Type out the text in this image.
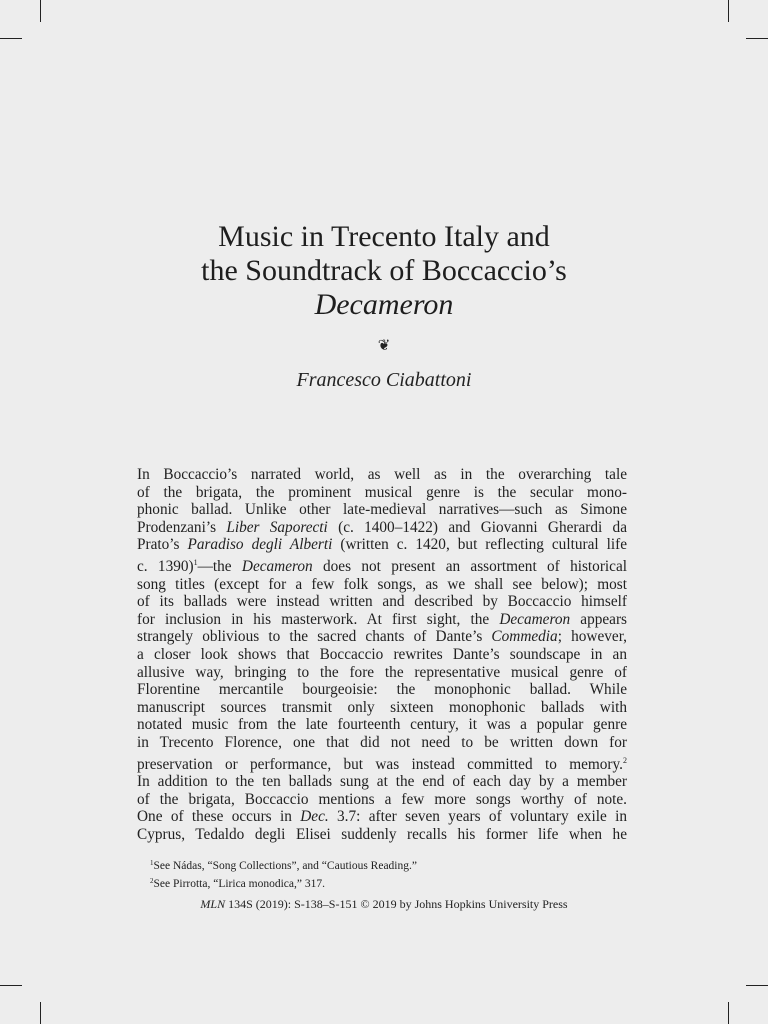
Music in Trecento Italy and
the Soundtrack of Boccaccio’s
Decameron
❦
Francesco Ciabattoni
In Boccaccio’s narrated world, as well as in the overarching tale
of the brigata, the prominent musical genre is the secular mono-
phonic ballad. Unlike other late-medieval narratives—such as Simone
Prodenzani’s Liber Saporecti (c. 1400–1422) and Giovanni Gherardi da
Prato’s Paradiso degli Alberti (written c. 1420, but reflecting cultural life
c. 1390)$^1$—the Decameron does not present an assortment of historical
song titles (except for a few folk songs, as we shall see below); most
of its ballads were instead written and described by Boccaccio himself
for inclusion in his masterwork. At first sight, the Decameron appears
strangely oblivious to the sacred chants of Dante’s Commedia; however,
a closer look shows that Boccaccio rewrites Dante’s soundscape in an
allusive way, bringing to the fore the representative musical genre of
Florentine mercantile bourgeoisie: the monophonic ballad. While
manuscript sources transmit only sixteen monophonic ballads with
notated music from the late fourteenth century, it was a popular genre
in Trecento Florence, one that did not need to be written down for
preservation or performance, but was instead committed to memory.$^2$
In addition to the ten ballads sung at the end of each day by a member
of the brigata, Boccaccio mentions a few more songs worthy of note.
One of these occurs in Dec. 3.7: after seven years of voluntary exile in
Cyprus, Tedaldo degli Elisei suddenly recalls his former life when he
$^1$See Nádas, “Song Collections”, and “Cautious Reading.”
$^2$See Pirrotta, “Lirica monodica,” 317.
MLN 134S (2019): S-138–S-151 © 2019 by Johns Hopkins University Press
